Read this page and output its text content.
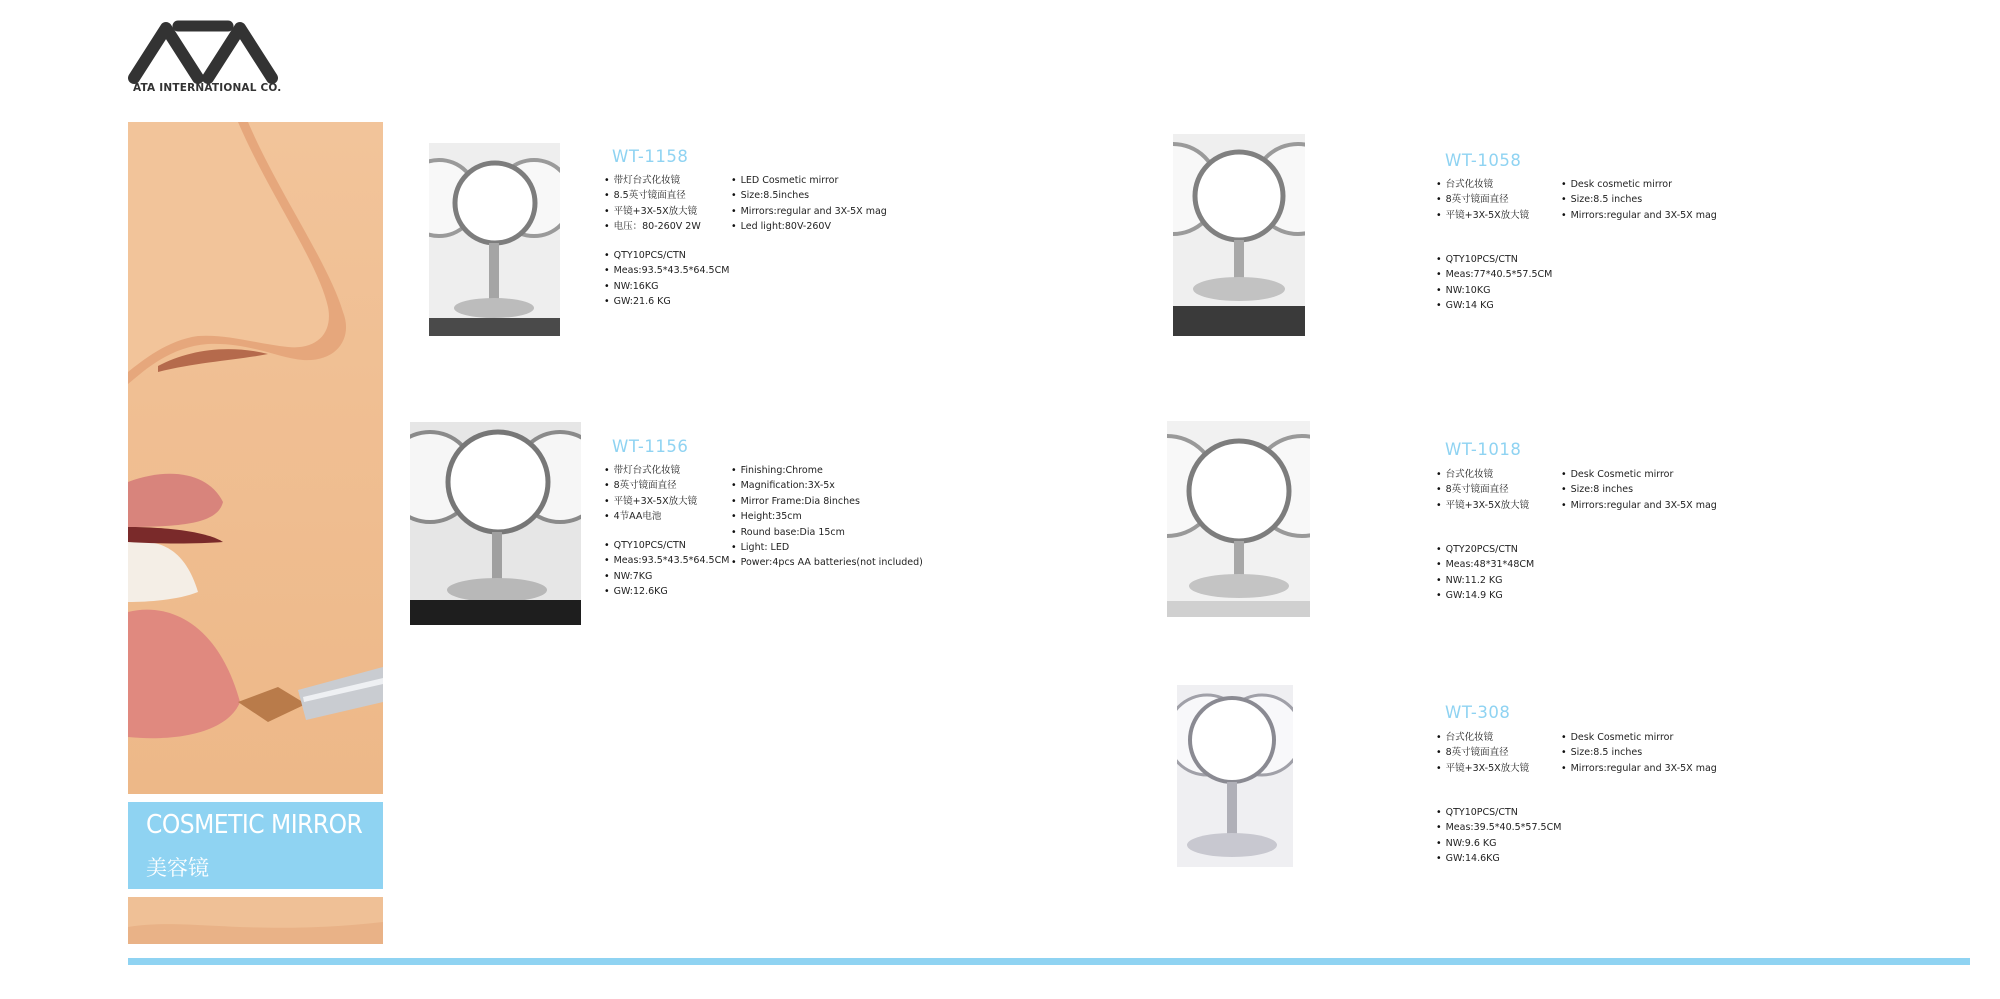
ATA INTERNATIONAL CO.
COSMETIC MIRROR
美容镜
WT-1158
• 带灯台式化妆镜
• 8.5英寸镜面直径
• 平镜+3X-5X放大镜
• 电压：80-260V 2W
• LED Cosmetic mirror
• Size:8.5inches
• Mirrors:regular and 3X-5X mag
• Led light:80V-260V
• QTY10PCS/CTN
• Meas:93.5*43.5*64.5CM
• NW:16KG
• GW:21.6 KG
WT-1156
• 带灯台式化妆镜
• 8英寸镜面直径
• 平镜+3X-5X放大镜
• 4节AA电池
• Finishing:Chrome
• Magnification:3X-5x
• Mirror Frame:Dia 8inches
• Height:35cm
• Round base:Dia 15cm
• Light: LED
• Power:4pcs AA batteries(not included)
• QTY10PCS/CTN
• Meas:93.5*43.5*64.5CM
• NW:7KG
• GW:12.6KG
WT-1058
• 台式化妆镜
• 8英寸镜面直径
• 平镜+3X-5X放大镜
• Desk cosmetic mirror
• Size:8.5 inches
• Mirrors:regular and 3X-5X mag
• QTY10PCS/CTN
• Meas:77*40.5*57.5CM
• NW:10KG
• GW:14 KG
WT-1018
• 台式化妆镜
• 8英寸镜面直径
• 平镜+3X-5X放大镜
• Desk Cosmetic mirror
• Size:8 inches
• Mirrors:regular and 3X-5X mag
• QTY20PCS/CTN
• Meas:48*31*48CM
• NW:11.2 KG
• GW:14.9 KG
WT-308
• 台式化妆镜
• 8英寸镜面直径
• 平镜+3X-5X放大镜
• Desk Cosmetic mirror
• Size:8.5 inches
• Mirrors:regular and 3X-5X mag
• QTY10PCS/CTN
• Meas:39.5*40.5*57.5CM
• NW:9.6 KG
• GW:14.6KG
